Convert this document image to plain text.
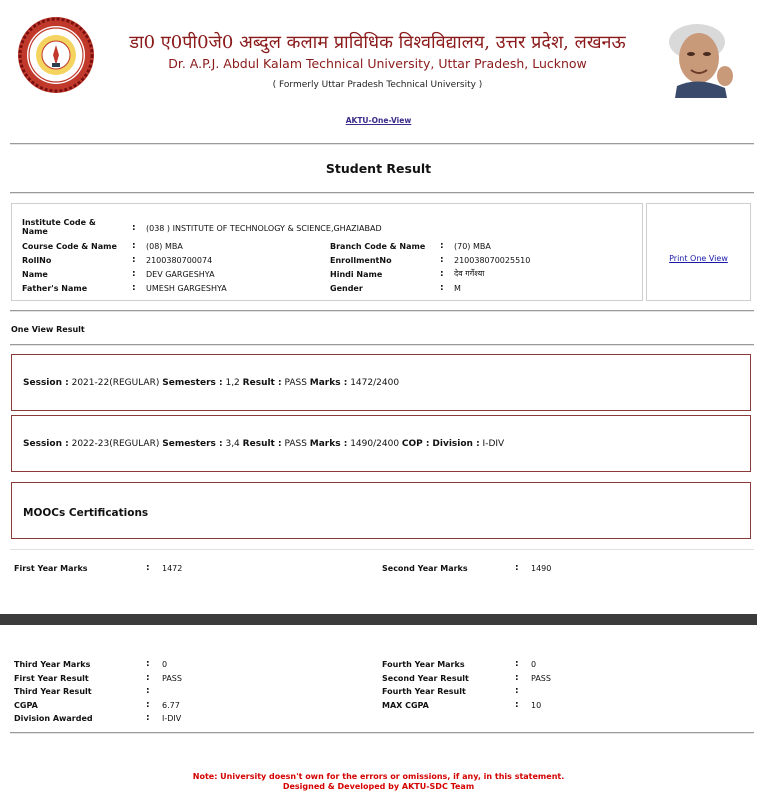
डा0 ए0पी0जे0 अब्दुल कलाम प्राविधिक विश्वविद्यालय, उत्तर प्रदेश, लखनऊ
Dr. A.P.J. Abdul Kalam Technical University, Uttar Pradesh, Lucknow
( Formerly Uttar Pradesh Technical University )
AKTU-One-View
Student Result
Institute Code & Name	: (038 ) INSTITUTE OF TECHNOLOGY & SCIENCE,GHAZIABAD
Course Code & Name : (08) MBA	Branch Code & Name : (70) MBA
RollNo	: 2100380700074	EnrollmentNo	: 210038070025510
Name	: DEV GARGESHYA	Hindi Name	: देव गर्गेश्या
Father's Name	: UMESH GARGESHYA	Gender	: M
Print One View
One View Result
Session : 2021-22(REGULAR) Semesters : 1,2 Result : PASS Marks : 1472/2400
Session : 2022-23(REGULAR) Semesters : 3,4 Result : PASS Marks : 1490/2400 COP : Division : I-DIV
MOOCs Certifications
First Year Marks	: 1472	Second Year Marks	: 1490
Third Year Marks	: 0	Fourth Year Marks	: 0
First Year Result	: PASS	Second Year Result	: PASS
Third Year Result	:	Fourth Year Result	:
CGPA	: 6.77	MAX CGPA	: 10
Division Awarded	: I-DIV
Note: University doesn't own for the errors or omissions, if any, in this statement.
Designed & Developed by AKTU-SDC Team
